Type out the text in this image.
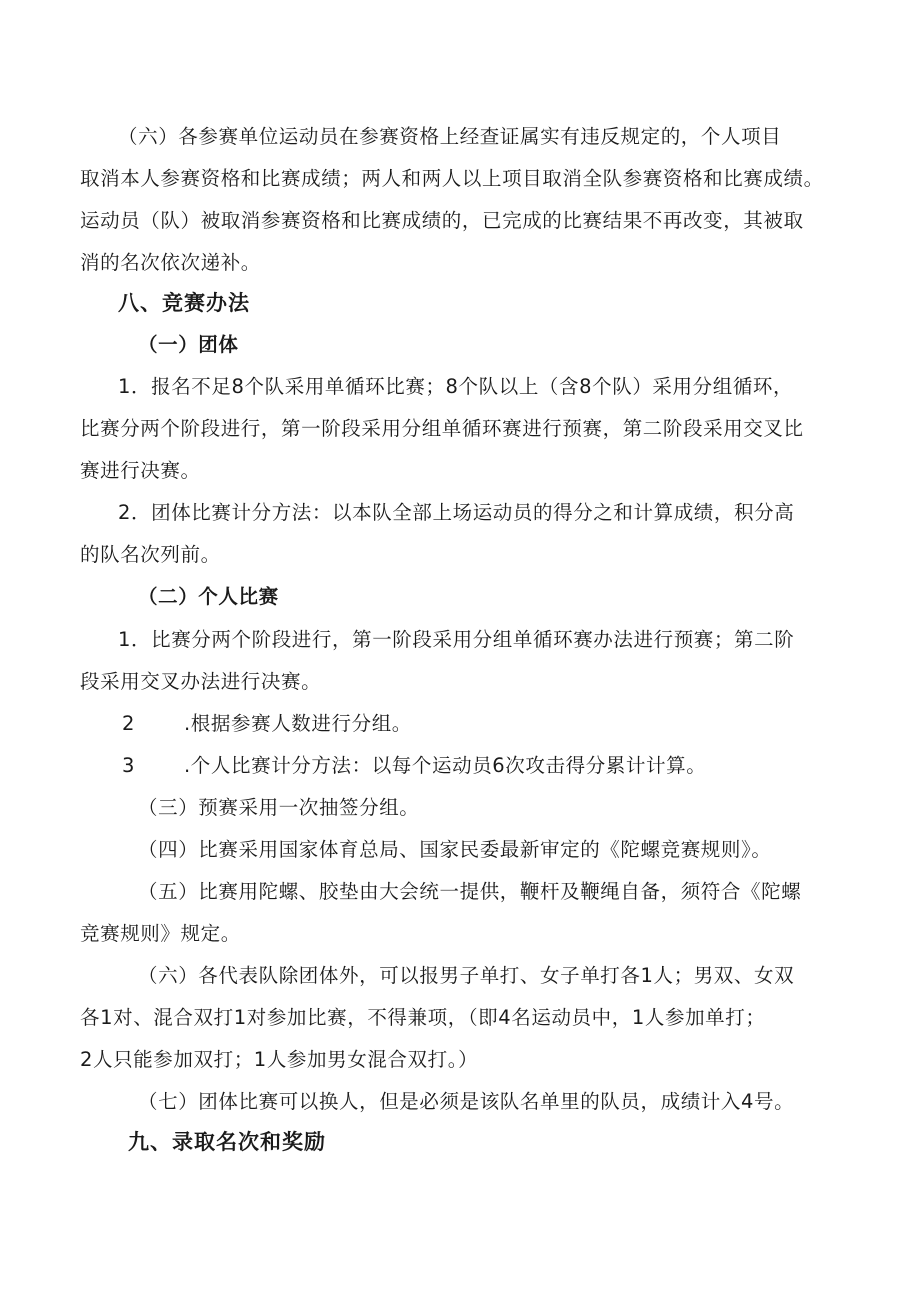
（六）各参赛单位运动员在参赛资格上经查证属实有违反规定的，个人项目
取消本人参赛资格和比赛成绩；两人和两人以上项目取消全队参赛资格和比赛成绩。
运动员（队）被取消参赛资格和比赛成绩的，已完成的比赛结果不再改变，其被取
消的名次依次递补。
八、竞赛办法
（一）团体
1．报名不足8个队采用单循环比赛；8个队以上（含8个队）采用分组循环，
比赛分两个阶段进行，第一阶段采用分组单循环赛进行预赛，第二阶段采用交叉比
赛进行决赛。
2．团体比赛计分方法：以本队全部上场运动员的得分之和计算成绩，积分高
的队名次列前。
（二）个人比赛
1．比赛分两个阶段进行，第一阶段采用分组单循环赛办法进行预赛；第二阶
段采用交叉办法进行决赛。
2	.根据参赛人数进行分组。
3	.个人比赛计分方法：以每个运动员6次攻击得分累计计算。
（三）预赛采用一次抽签分组。
（四）比赛采用国家体育总局、国家民委最新审定的《陀螺竞赛规则》。
（五）比赛用陀螺、胶垫由大会统一提供，鞭杆及鞭绳自备，须符合《陀螺
竞赛规则》规定。
（六）各代表队除团体外，可以报男子单打、女子单打各1人；男双、女双
各1对、混合双打1对参加比赛，不得兼项，（即4名运动员中，1人参加单打；
2人只能参加双打；1人参加男女混合双打。）
（七）团体比赛可以换人，但是必须是该队名单里的队员，成绩计入4号。
九、录取名次和奖励
